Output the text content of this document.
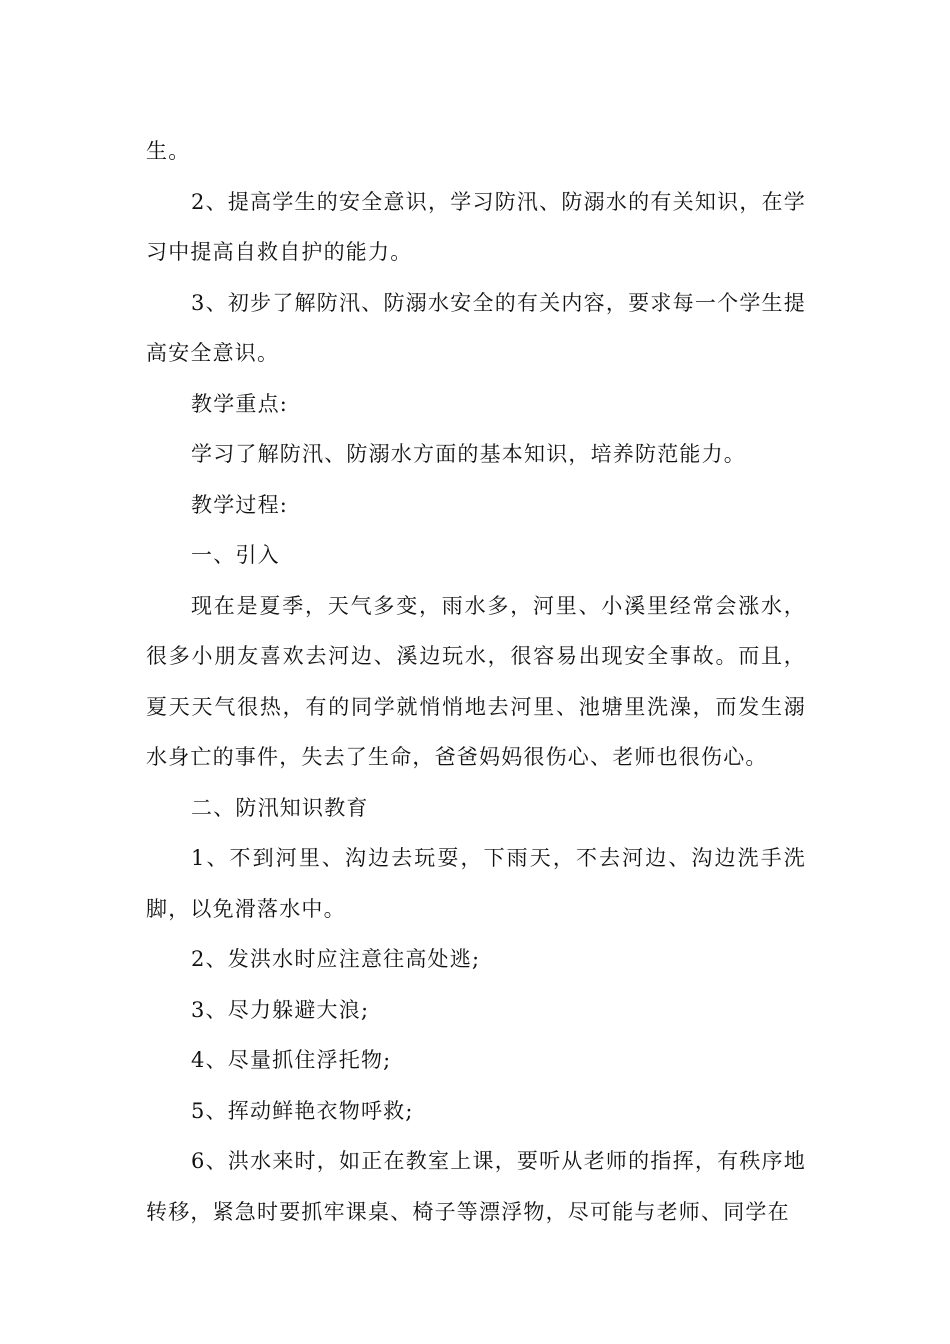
生。

2、提高学生的安全意识，学习防汛、防溺水的有关知识，在学习中提高自救自护的能力。

3、初步了解防汛、防溺水安全的有关内容，要求每一个学生提高安全意识。

教学重点:

学习了解防汛、防溺水方面的基本知识，培养防范能力。

教学过程:

一、引入

现在是夏季，天气多变，雨水多，河里、小溪里经常会涨水，很多小朋友喜欢去河边、溪边玩水，很容易出现安全事故。而且，夏天天气很热，有的同学就悄悄地去河里、池塘里洗澡，而发生溺水身亡的事件，失去了生命，爸爸妈妈很伤心、老师也很伤心。

二、防汛知识教育

1、不到河里、沟边去玩耍，下雨天，不去河边、沟边洗手洗脚，以免滑落水中。

2、发洪水时应注意往高处逃;

3、尽力躲避大浪;

4、尽量抓住浮托物;

5、挥动鲜艳衣物呼救;

6、洪水来时，如正在教室上课，要听从老师的指挥，有秩序地转移，紧急时要抓牢课桌、椅子等漂浮物，尽可能与老师、同学在
